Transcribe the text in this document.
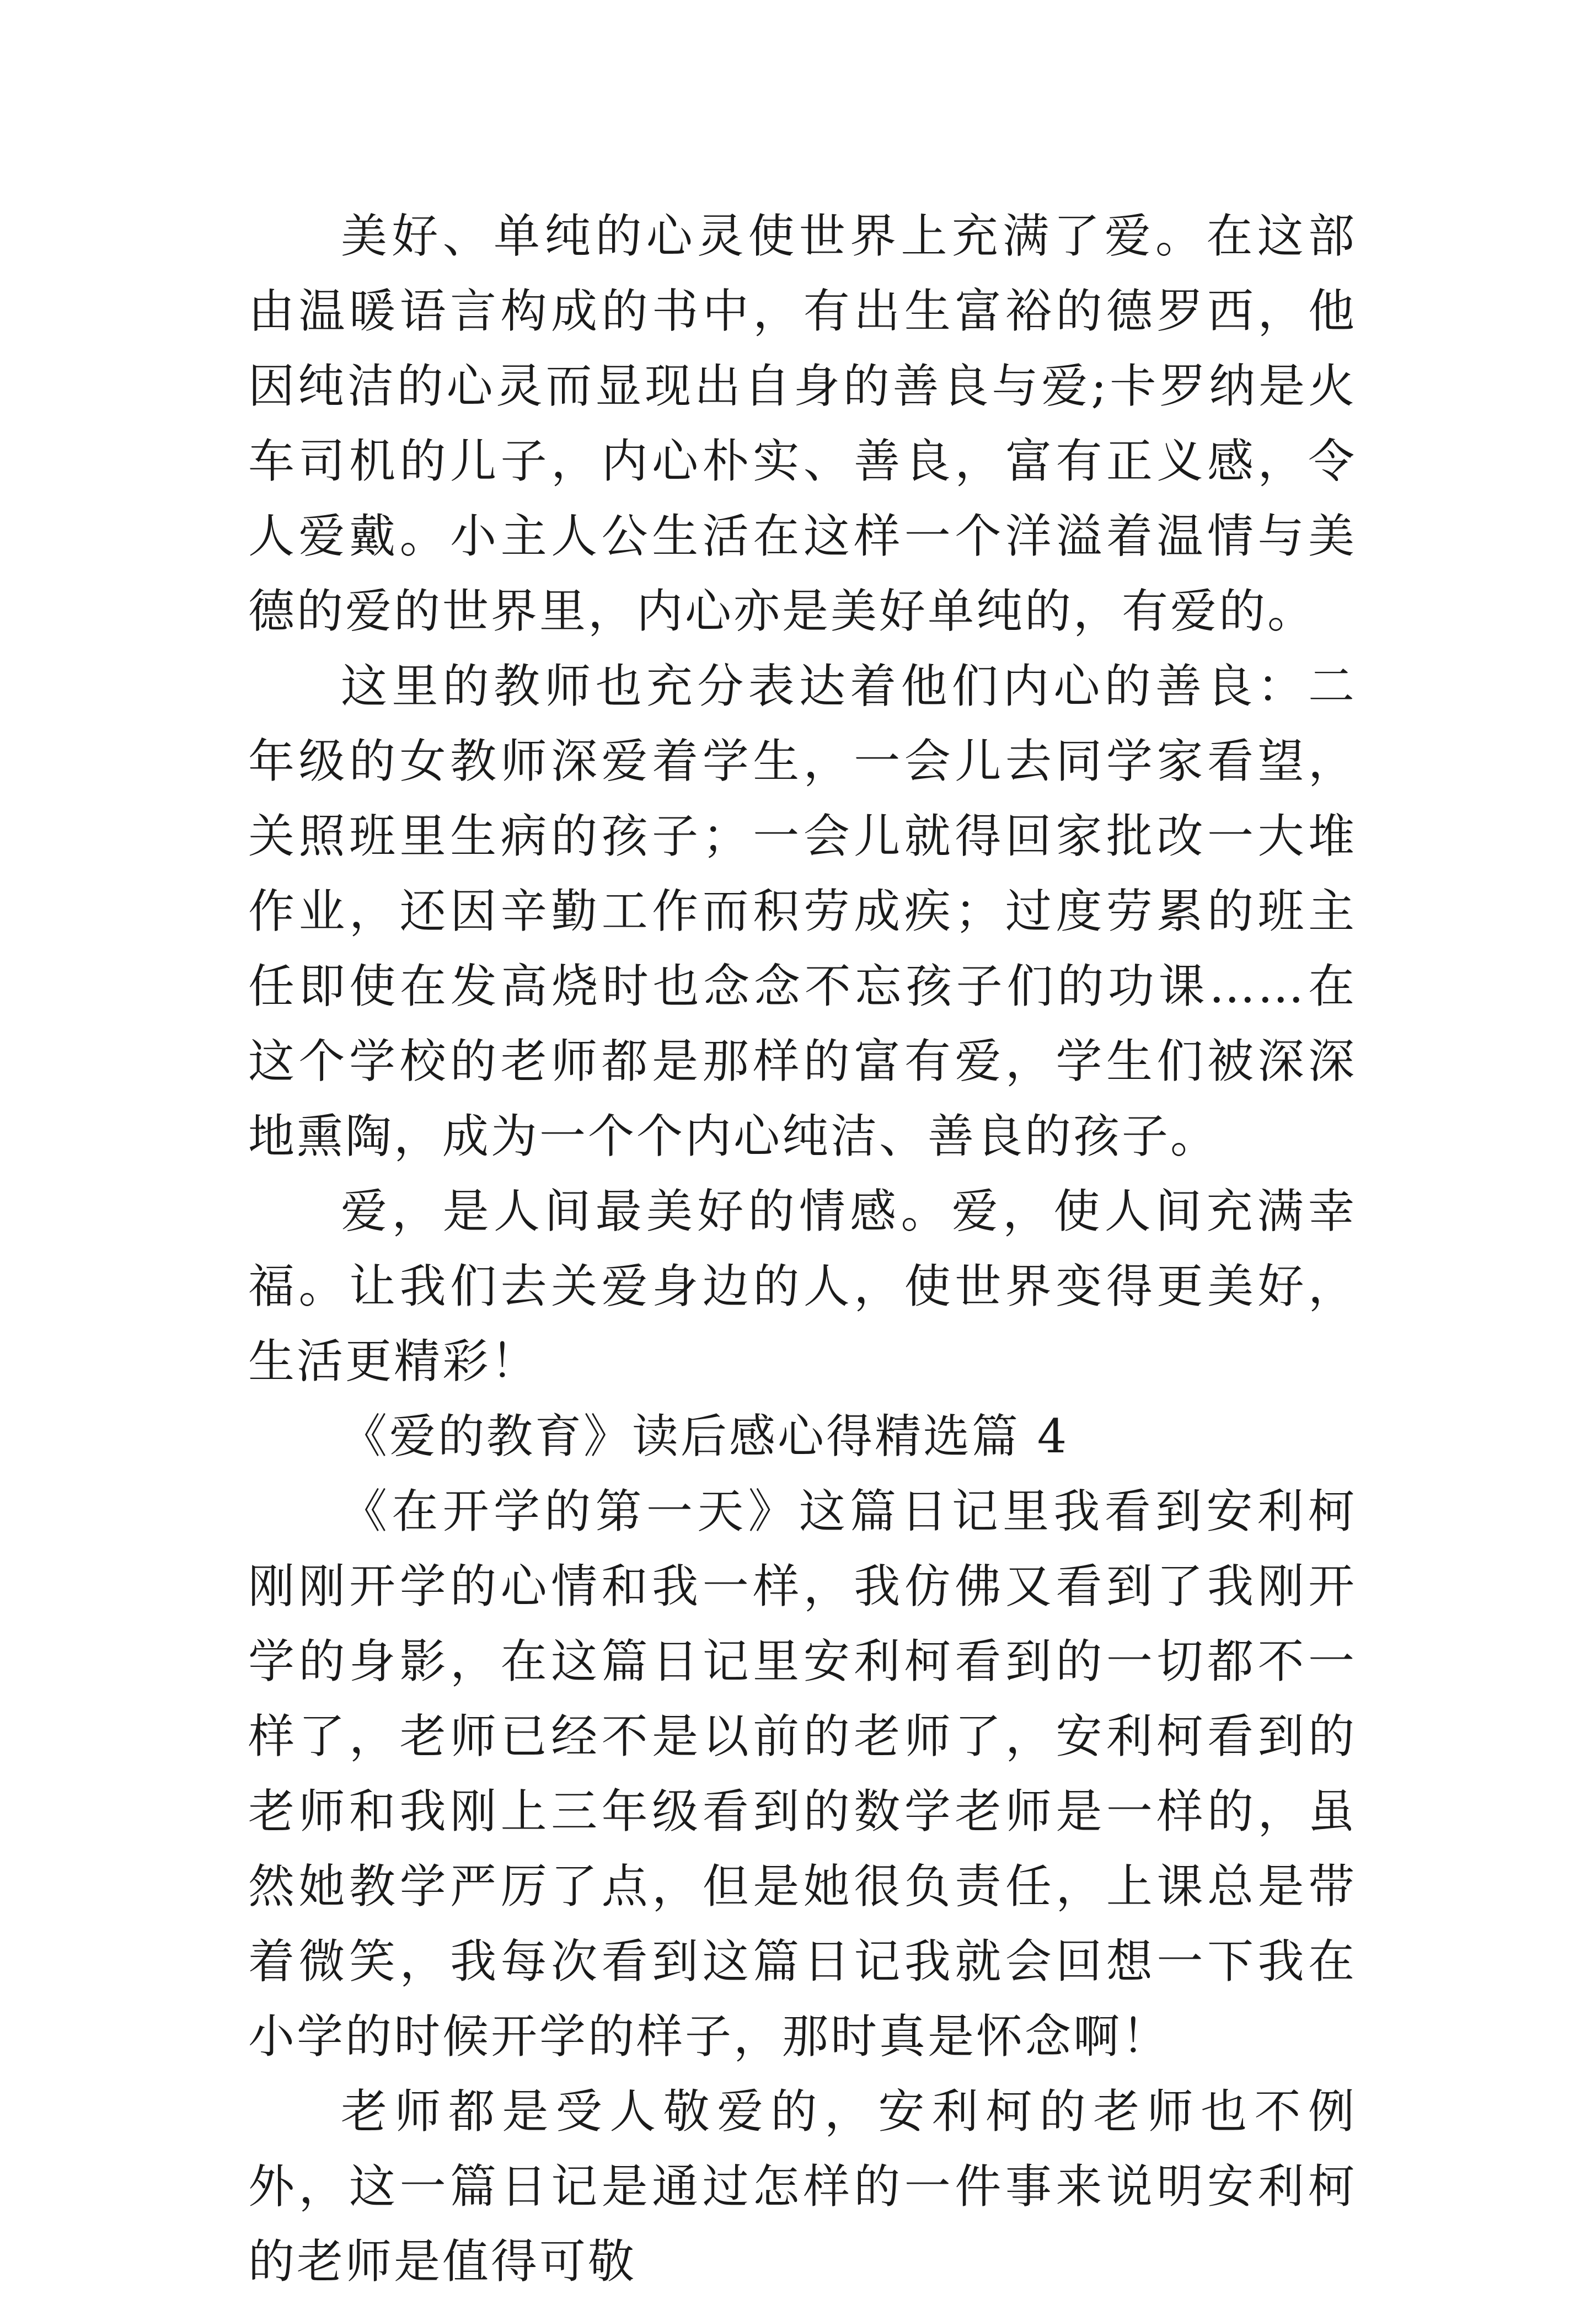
美好、单纯的心灵使世界上充满了爱。在这部由温暖语言构成的书中，有出生富裕的德罗西，他因纯洁的心灵而显现出自身的善良与爱;卡罗纳是火车司机的儿子，内心朴实、善良，富有正义感，令人爱戴。小主人公生活在这样一个洋溢着温情与美德的爱的世界里，内心亦是美好单纯的，有爱的。

这里的教师也充分表达着他们内心的善良：二年级的女教师深爱着学生，一会儿去同学家看望，关照班里生病的孩子；一会儿就得回家批改一大堆作业，还因辛勤工作而积劳成疾；过度劳累的班主任即使在发高烧时也念念不忘孩子们的功课……在这个学校的老师都是那样的富有爱，学生们被深深地熏陶，成为一个个内心纯洁、善良的孩子。

爱，是人间最美好的情感。爱，使人间充满幸福。让我们去关爱身边的人，使世界变得更美好，生活更精彩！

《爱的教育》读后感心得精选篇 4

《在开学的第一天》这篇日记里我看到安利柯刚刚开学的心情和我一样，我仿佛又看到了我刚开学的身影，在这篇日记里安利柯看到的一切都不一样了，老师已经不是以前的老师了，安利柯看到的老师和我刚上三年级看到的数学老师是一样的，虽然她教学严厉了点，但是她很负责任，上课总是带着微笑，我每次看到这篇日记我就会回想一下我在小学的时候开学的样子，那时真是怀念啊！

老师都是受人敬爱的，安利柯的老师也不例外，这一篇日记是通过怎样的一件事来说明安利柯的老师是值得可敬
